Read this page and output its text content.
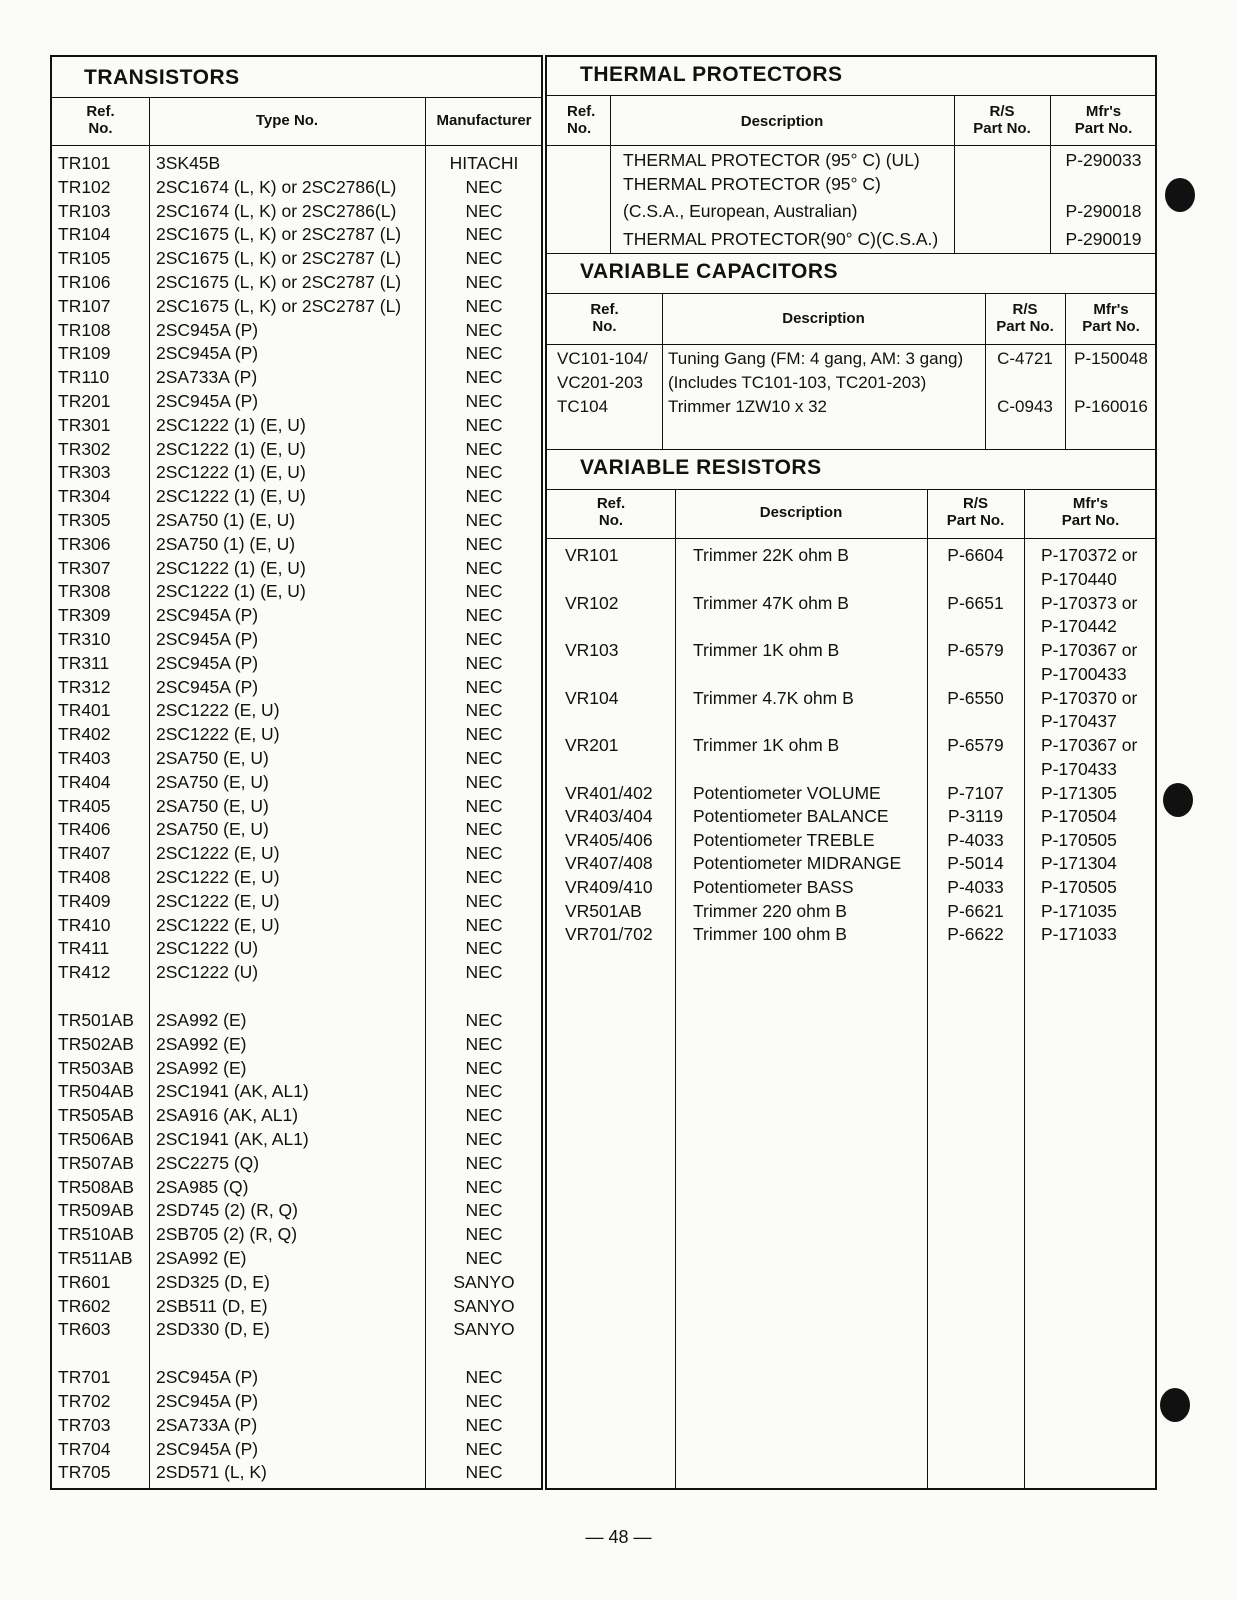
TRANSISTORS
Ref.
No.	Type No.	Manufacturer
TR101	3SK45B	HITACHI
TR102	2SC1674 (L, K) or 2SC2786(L)	NEC
TR103	2SC1674 (L, K) or 2SC2786(L)	NEC
TR104	2SC1675 (L, K) or 2SC2787 (L)	NEC
TR105	2SC1675 (L, K) or 2SC2787 (L)	NEC
TR106	2SC1675 (L, K) or 2SC2787 (L)	NEC
TR107	2SC1675 (L, K) or 2SC2787 (L)	NEC
TR108	2SC945A (P)	NEC
TR109	2SC945A (P)	NEC
TR110	2SA733A (P)	NEC
TR201	2SC945A (P)	NEC
TR301	2SC1222 (1) (E, U)	NEC
TR302	2SC1222 (1) (E, U)	NEC
TR303	2SC1222 (1) (E, U)	NEC
TR304	2SC1222 (1) (E, U)	NEC
TR305	2SA750 (1) (E, U)	NEC
TR306	2SA750 (1) (E, U)	NEC
TR307	2SC1222 (1) (E, U)	NEC
TR308	2SC1222 (1) (E, U)	NEC
TR309	2SC945A (P)	NEC
TR310	2SC945A (P)	NEC
TR311	2SC945A (P)	NEC
TR312	2SC945A (P)	NEC
TR401	2SC1222 (E, U)	NEC
TR402	2SC1222 (E, U)	NEC
TR403	2SA750 (E, U)	NEC
TR404	2SA750 (E, U)	NEC
TR405	2SA750 (E, U)	NEC
TR406	2SA750 (E, U)	NEC
TR407	2SC1222 (E, U)	NEC
TR408	2SC1222 (E, U)	NEC
TR409	2SC1222 (E, U)	NEC
TR410	2SC1222 (E, U)	NEC
TR411	2SC1222 (U)	NEC
TR412	2SC1222 (U)	NEC
TR501AB 2SA992 (E)	NEC
TR502AB 2SA992 (E)	NEC
TR503AB 2SA992 (E)	NEC
TR504AB 2SC1941 (AK, AL1)	NEC
TR505AB 2SA916 (AK, AL1)	NEC
TR506AB 2SC1941 (AK, AL1)	NEC
TR507AB 2SC2275 (Q)	NEC
TR508AB 2SA985 (Q)	NEC
TR509AB 2SD745 (2) (R, Q)	NEC
TR510AB 2SB705 (2) (R, Q)	NEC
TR511AB 2SA992 (E)	NEC
TR601	2SD325 (D, E)	SANYO
TR602	2SB511 (D, E)	SANYO
TR603	2SD330 (D, E)	SANYO
TR701	2SC945A (P)	NEC
TR702	2SC945A (P)	NEC
TR703	2SA733A (P)	NEC
TR704	2SC945A (P)	NEC
TR705	2SD571 (L, K)	NEC
THERMAL PROTECTORS
Ref.
No.	Description
R/S
Part No.
Mfr's
Part No.
THERMAL PROTECTOR (95° C) (UL)	P-290033
THERMAL PROTECTOR (95° C)
(C.S.A., European, Australian)	P-290018
THERMAL PROTECTOR(90° C)(C.S.A.)	P-290019
VARIABLE CAPACITORS
Ref.
No.	Description
R/S
Part No.
Mfr's
Part No.
VC101-104/ Tuning Gang (FM: 4 gang, AM: 3 gang)	C-4721	P-150048
VC201-203 (Includes TC101-103, TC201-203)
TC104	Trimmer 1ZW10 x 32	C-0943	P-160016
VARIABLE RESISTORS
Ref.
No.	Description
R/S
Part No.
Mfr's
Part No.
VR101	Trimmer 22K ohm B	P-6604	P-170372 or
P-170440
VR102	Trimmer 47K ohm B	P-6651	P-170373 or
P-170442
VR103	Trimmer 1K ohm B	P-6579	P-170367 or
P-1700433
VR104	Trimmer 4.7K ohm B	P-6550	P-170370 or
P-170437
VR201	Trimmer 1K ohm B	P-6579	P-170367 or
P-170433
VR401/402 Potentiometer VOLUME	P-7107	P-171305
VR403/404 Potentiometer BALANCE	P-3119	P-170504
VR405/406 Potentiometer TREBLE	P-4033	P-170505
VR407/408 Potentiometer MIDRANGE	P-5014	P-171304
VR409/410 Potentiometer BASS	P-4033	P-170505
VR501AB	Trimmer 220 ohm B	P-6621	P-171035
VR701/702 Trimmer 100 ohm B	P-6622	P-171033
— 48 —
